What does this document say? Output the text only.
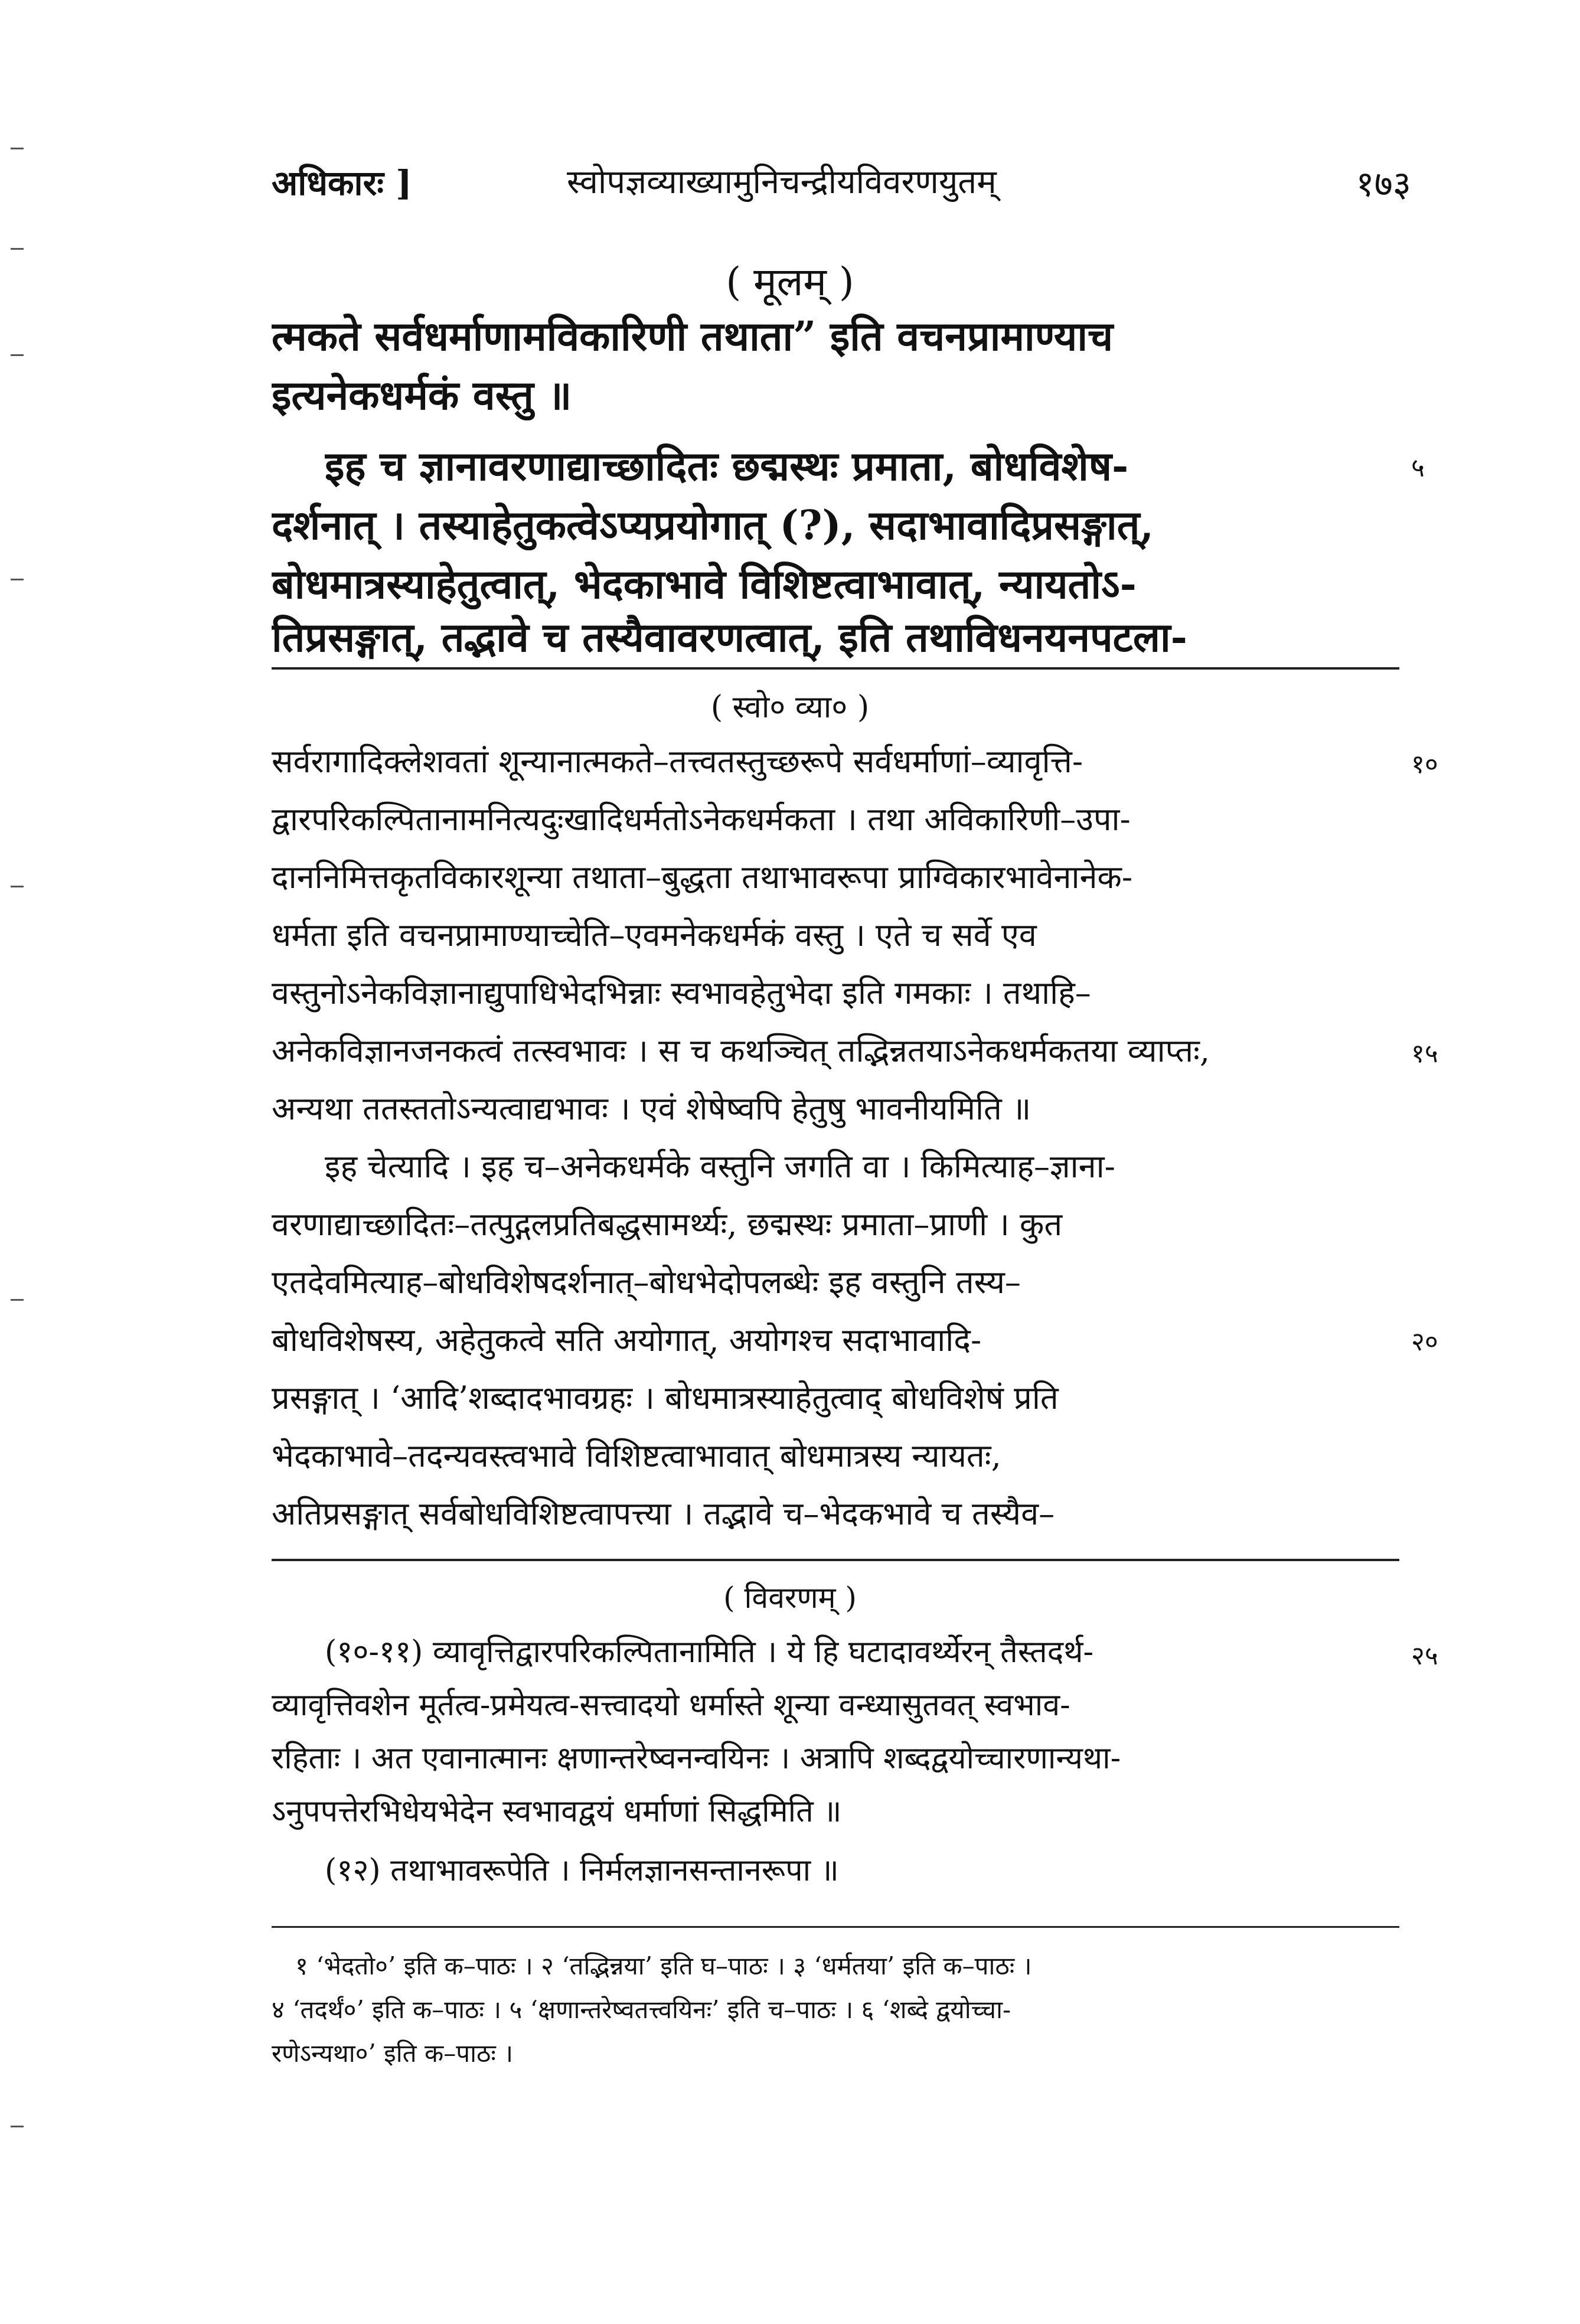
अधिकारः ]	स्वोपज्ञव्याख्यामुनिचन्द्रीयविवरणयुतम्	१७३
( मूलम् )
त्मकते सर्वधर्माणामविकारिणी तथाता” इति वचनप्रामाण्याच
इत्यनेकधर्मकं वस्तु ॥
इह च ज्ञानावरणाद्याच्छादितः छद्मस्थः प्रमाता, बोधविशेष-
दर्शनात् । तस्याहेतुकत्वेऽप्यप्रयोगात् (?), सदाभावादिप्रसङ्गात्,
बोधमात्रस्याहेतुत्वात्, भेदकाभावे विशिष्टत्वाभावात्, न्यायतोऽ-
तिप्रसङ्गात्, तद्भावे च तस्यैवावरणत्वात्, इति तथाविधनयनपटला-
५
( स्वो० व्या० )
सर्वरागादिक्लेशवतां शून्यानात्मकते–तत्त्वतस्तुच्छरूपे सर्वधर्माणां–व्यावृत्ति-
द्वारपरिकल्पितानामनित्यदुःखादिधर्मतोऽनेकधर्मकता । तथा अविकारिणी–उपा-
दाननिमित्तकृतविकारशून्या तथाता–बुद्धता तथाभावरूपा प्राग्विकारभावेनानेक-
धर्मता इति वचनप्रामाण्याच्चेति–एवमनेकधर्मकं वस्तु । एते च सर्वे एव
वस्तुनोऽनेकविज्ञानाद्युपाधिभेदभिन्नाः स्वभावहेतुभेदा इति गमकाः । तथाहि–
अनेकविज्ञानजनकत्वं तत्स्वभावः । स च कथञ्चित् तद्भिन्नतयाऽनेकधर्मकतया व्याप्तः,
अन्यथा ततस्ततोऽन्यत्वाद्यभावः । एवं शेषेष्वपि हेतुषु भावनीयमिति ॥
इह चेत्यादि । इह च–अनेकधर्मके वस्तुनि जगति वा । किमित्याह–ज्ञाना-
वरणाद्याच्छादितः–तत्पुद्गलप्रतिबद्धसामर्थ्यः, छद्मस्थः प्रमाता–प्राणी । कुत
एतदेवमित्याह–बोधविशेषदर्शनात्–बोधभेदोपलब्धेः इह वस्तुनि तस्य–
बोधविशेषस्य, अहेतुकत्वे सति अयोगात्, अयोगश्च सदाभावादि-
प्रसङ्गात् । ‘आदि’शब्दादभावग्रहः । बोधमात्रस्याहेतुत्वाद् बोधविशेषं प्रति
भेदकाभावे–तदन्यवस्त्वभावे विशिष्टत्वाभावात् बोधमात्रस्य न्यायतः,
अतिप्रसङ्गात् सर्वबोधविशिष्टत्वापत्त्या । तद्भावे च–भेदकभावे च तस्यैव–
१०
१५
२०
( विवरणम् )
(१०-११) व्यावृत्तिद्वारपरिकल्पितानामिति । ये हि घटादावर्थ्येरन् तैस्तदर्थ-
व्यावृत्तिवशेन मूर्तत्व-प्रमेयत्व-सत्त्वादयो धर्मास्ते शून्या वन्ध्यासुतवत् स्वभाव-
रहिताः । अत एवानात्मानः क्षणान्तरेष्वनन्वयिनः । अत्रापि शब्दद्वयोच्चारणान्यथा-
ऽनुपपत्तेरभिधेयभेदेन स्वभावद्वयं धर्माणां सिद्धमिति ॥
(१२) तथाभावरूपेति । निर्मलज्ञानसन्तानरूपा ॥
२५
१ ‘भेदतो०’ इति क–पाठः । २ ‘तद्भिन्नया’ इति घ–पाठः । ३ ‘धर्मतया’ इति क–पाठः ।
४ ‘तदर्थं०’ इति क–पाठः । ५ ‘क्षणान्तरेष्वतत्त्वयिनः’ इति च–पाठः । ६ ‘शब्दे द्वयोच्चा-
रणेऽन्यथा०’ इति क–पाठः ।
